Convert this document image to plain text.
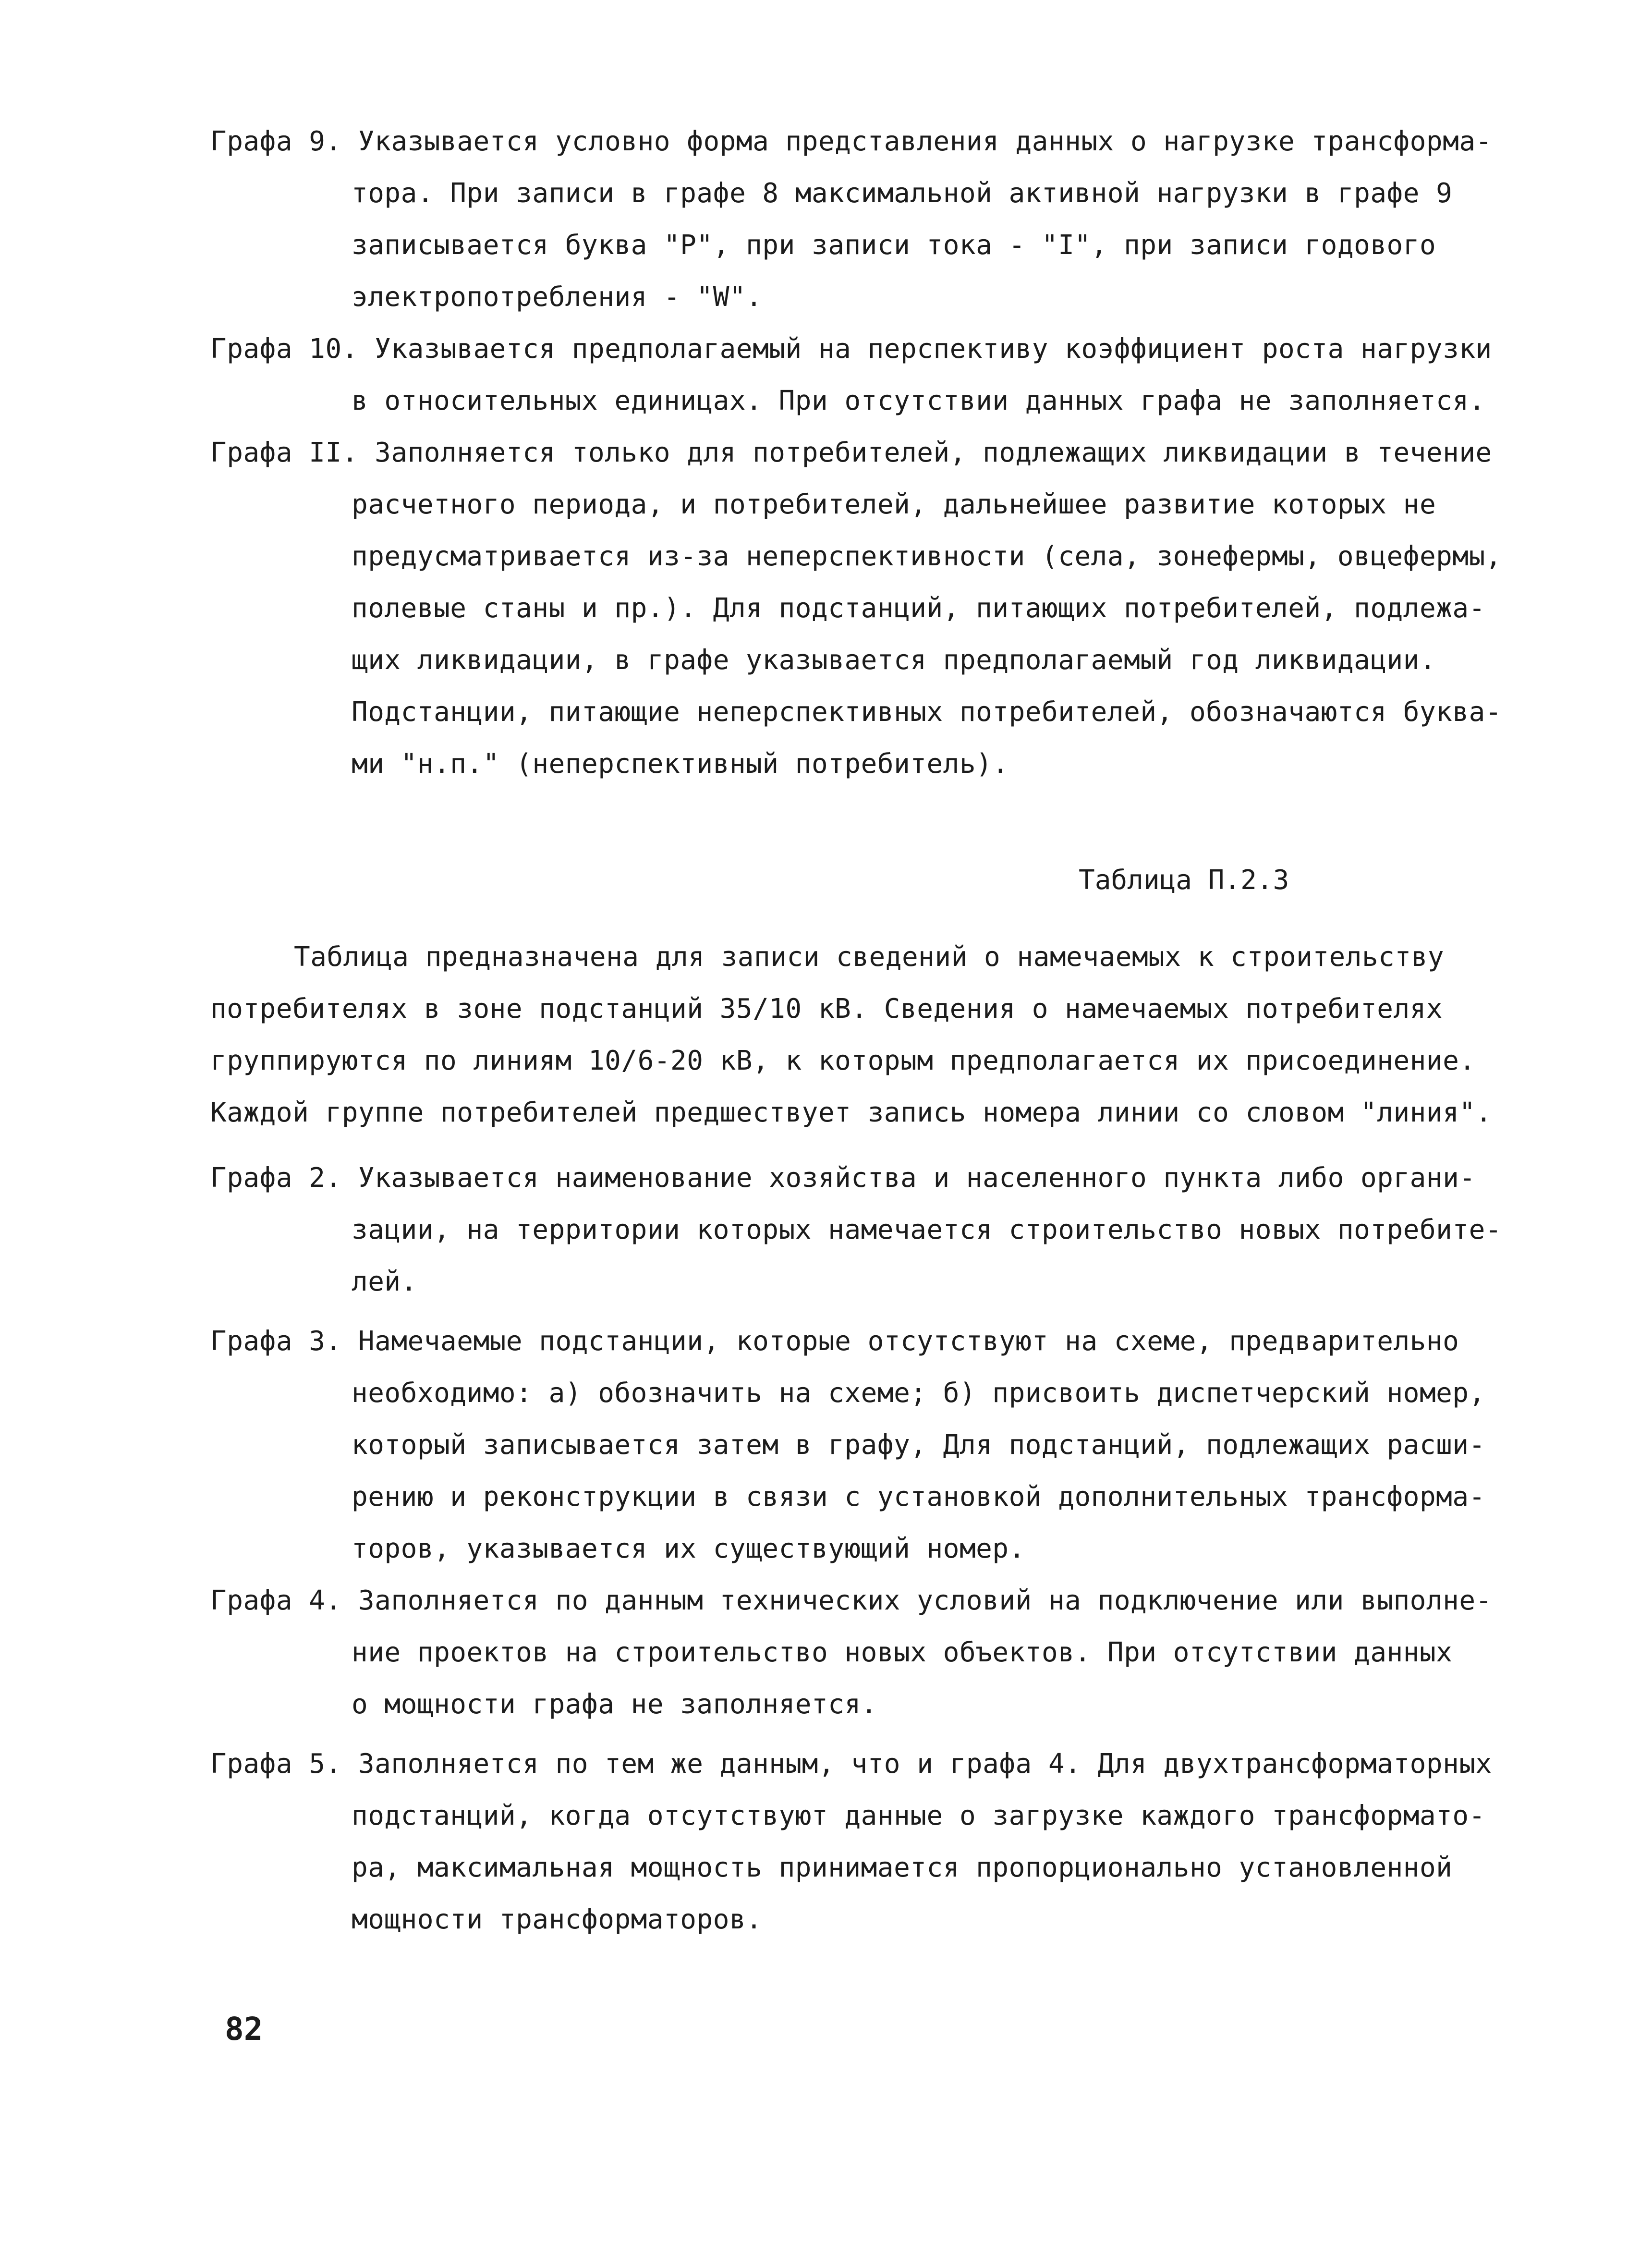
Графа 9. Указывается условно форма представления данных о нагрузке трансформа-
тора. При записи в графе 8 максимальной активной нагрузки в графе 9
записывается буква "Р", при записи тока - "I", при записи годового
электропотребления - "W".
Графа 10. Указывается предполагаемый на перспективу коэффициент роста нагрузки
в относительных единицах. При отсутствии данных графа не заполняется.
Графа II. Заполняется только для потребителей, подлежащих ликвидации в течение
расчетного периода, и потребителей, дальнейшее развитие которых не
предусматривается из-за неперспективности (села, зонефермы, овцефермы,
полевые станы и пр.). Для подстанций, питающих потребителей, подлежа-
щих ликвидации, в графе указывается предполагаемый год ликвидации.
Подстанции, питающие неперспективных потребителей, обозначаются буква-
ми "н.п." (неперспективный потребитель).
Таблица П.2.3
Таблица предназначена для записи сведений о намечаемых к строительству
потребителях в зоне подстанций 35/10 кВ. Сведения о намечаемых потребителях
группируются по линиям 10/6-20 кВ, к которым предполагается их присоединение.
Каждой группе потребителей предшествует запись номера линии со словом "линия".
Графа 2. Указывается наименование хозяйства и населенного пункта либо органи-
зации, на территории которых намечается строительство новых потребите-
лей.
Графа 3. Намечаемые подстанции, которые отсутствуют на схеме, предварительно
необходимо: а) обозначить на схеме; б) присвоить диспетчерский номер,
который записывается затем в графу, Для подстанций, подлежащих расши-
рению и реконструкции в связи с установкой дополнительных трансформа-
торов, указывается их существующий номер.
Графа 4. Заполняется по данным технических условий на подключение или выполне-
ние проектов на строительство новых объектов. При отсутствии данных
о мощности графа не заполняется.
Графа 5. Заполняется по тем же данным, что и графа 4. Для двухтрансформаторных
подстанций, когда отсутствуют данные о загрузке каждого трансформато-
ра, максимальная мощность принимается пропорционально установленной
мощности трансформаторов.
82
